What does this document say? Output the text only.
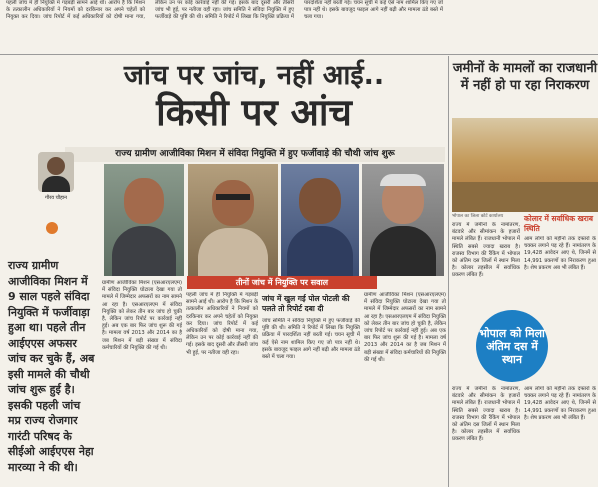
पहली जांच में ही नियुक्ति में गड़बड़ी सामने आई थी। आरोप है कि मिशन के तत्कालीन अधिकारियों ने नियमों को दरकिनार कर अपने चहेतों को नियुक्त कर दिया। जांच रिपोर्ट में कई अधिकारियों को दोषी माना गया, लेकिन उन पर कोई कार्रवाई नहीं की गई। इसके बाद दूसरी और तीसरी जांच भी हुई, पर नतीजा वही रहा। जांच समिति ने संविदा नियुक्ति में हुए फर्जीवाड़े की पुष्टि की थी। समिति ने रिपोर्ट में लिखा कि नियुक्ति प्रक्रिया में पारदर्शिता नहीं बरती गई। चयन सूची में कई ऐसे नाम शामिल किए गए जो पात्र नहीं थे। इसके बावजूद फाइल आगे नहीं बढ़ी और मामला ठंडे बस्ते में चला गया।
जांच पर जांच, नहीं आई..
किसी पर आंच
राज्य ग्रामीण आजीविका मिशन में संविदा नियुक्ति में हुए फर्जीवाड़े की चौथी जांच शुरू
गौरव चौहान
तीनों जांच में नियुक्ति पर सवाल
राज्य ग्रामीण आजीविका मिशन में 9 साल पहले संविदा नियुक्ति में फर्जीवाड़ा हुआ था। पहले तीन आईएएस अफसर जांच कर चुके हैं, अब इसी मामले की चौथी जांच शुरू हुई है। इसकी पहली जांच मप्र राज्य रोजगार गारंटी परिषद के सीईओ आईएएस नेहा मारव्या ने की थी।
ग्रामीण आजीविका मिशन (एसआरएलएम) में संविदा नियुक्ति घोटाला देखा गया तो मामले में जिम्मेदार अफसरों का नाम सामने आ रहा है। एसआरएलएम में संविदा नियुक्ति को लेकर तीन बार जांच हो चुकी है, लेकिन जांच रिपोर्ट पर कार्रवाई नहीं हुई। अब एक बार फिर जांच शुरू की गई है। मामला वर्ष 2013 और 2014 का है जब मिशन में बड़ी संख्या में संविदा कर्मचारियों की नियुक्ति की गई थी।
पहली जांच में ही नियुक्ति में गड़बड़ी सामने आई थी। आरोप है कि मिशन के तत्कालीन अधिकारियों ने नियमों को दरकिनार कर अपने चहेतों को नियुक्त कर दिया। जांच रिपोर्ट में कई अधिकारियों को दोषी माना गया, लेकिन उन पर कोई कार्रवाई नहीं की गई। इसके बाद दूसरी और तीसरी जांच भी हुई, पर नतीजा वही रहा।
जांच में खुल गई पोल पोटली की पलते तो रिपोर्ट दबा दी
जांच समिति ने संविदा नियुक्ति में हुए फर्जीवाड़े की पुष्टि की थी। समिति ने रिपोर्ट में लिखा कि नियुक्ति प्रक्रिया में पारदर्शिता नहीं बरती गई। चयन सूची में कई ऐसे नाम शामिल किए गए जो पात्र नहीं थे। इसके बावजूद फाइल आगे नहीं बढ़ी और मामला ठंडे बस्ते में चला गया।
ग्रामीण आजीविका मिशन (एसआरएलएम) में संविदा नियुक्ति घोटाला देखा गया तो मामले में जिम्मेदार अफसरों का नाम सामने आ रहा है। एसआरएलएम में संविदा नियुक्ति को लेकर तीन बार जांच हो चुकी है, लेकिन जांच रिपोर्ट पर कार्रवाई नहीं हुई। अब एक बार फिर जांच शुरू की गई है। मामला वर्ष 2013 और 2014 का है जब मिशन में बड़ी संख्या में संविदा कर्मचारियों की नियुक्ति की गई थी।
जमीनों के मामलों का राजधानी में नहीं हो पा रहा निराकरण
भोपाल का जिला कोर्ट कार्यालय	कोलार में सर्वाधिक खराब स्थिति
राज्य में जमीनों के नामांतरण, बंटवारे और सीमांकन के हजारों मामले लंबित हैं। राजधानी भोपाल में स्थिति सबसे ज्यादा खराब है। राजस्व विभाग की रैंकिंग में भोपाल को अंतिम दस जिलों में स्थान मिला है। कोलार तहसील में सर्वाधिक प्रकरण लंबित हैं।
आम लोगों को महीनों तक दफ्तरों के चक्कर लगाने पड़ रहे हैं। नामांतरण के 19,428 आवेदन आए थे, जिनमें से 14,991 प्रकरणों का निराकरण हुआ है। शेष प्रकरण अब भी लंबित हैं।
भोपाल को मिला अंतिम दस में स्थान
राज्य में जमीनों के नामांतरण, बंटवारे और सीमांकन के हजारों मामले लंबित हैं। राजधानी भोपाल में स्थिति सबसे ज्यादा खराब है। राजस्व विभाग की रैंकिंग में भोपाल को अंतिम दस जिलों में स्थान मिला है। कोलार तहसील में सर्वाधिक प्रकरण लंबित हैं।
आम लोगों को महीनों तक दफ्तरों के चक्कर लगाने पड़ रहे हैं। नामांतरण के 19,428 आवेदन आए थे, जिनमें से 14,991 प्रकरणों का निराकरण हुआ है। शेष प्रकरण अब भी लंबित हैं।
